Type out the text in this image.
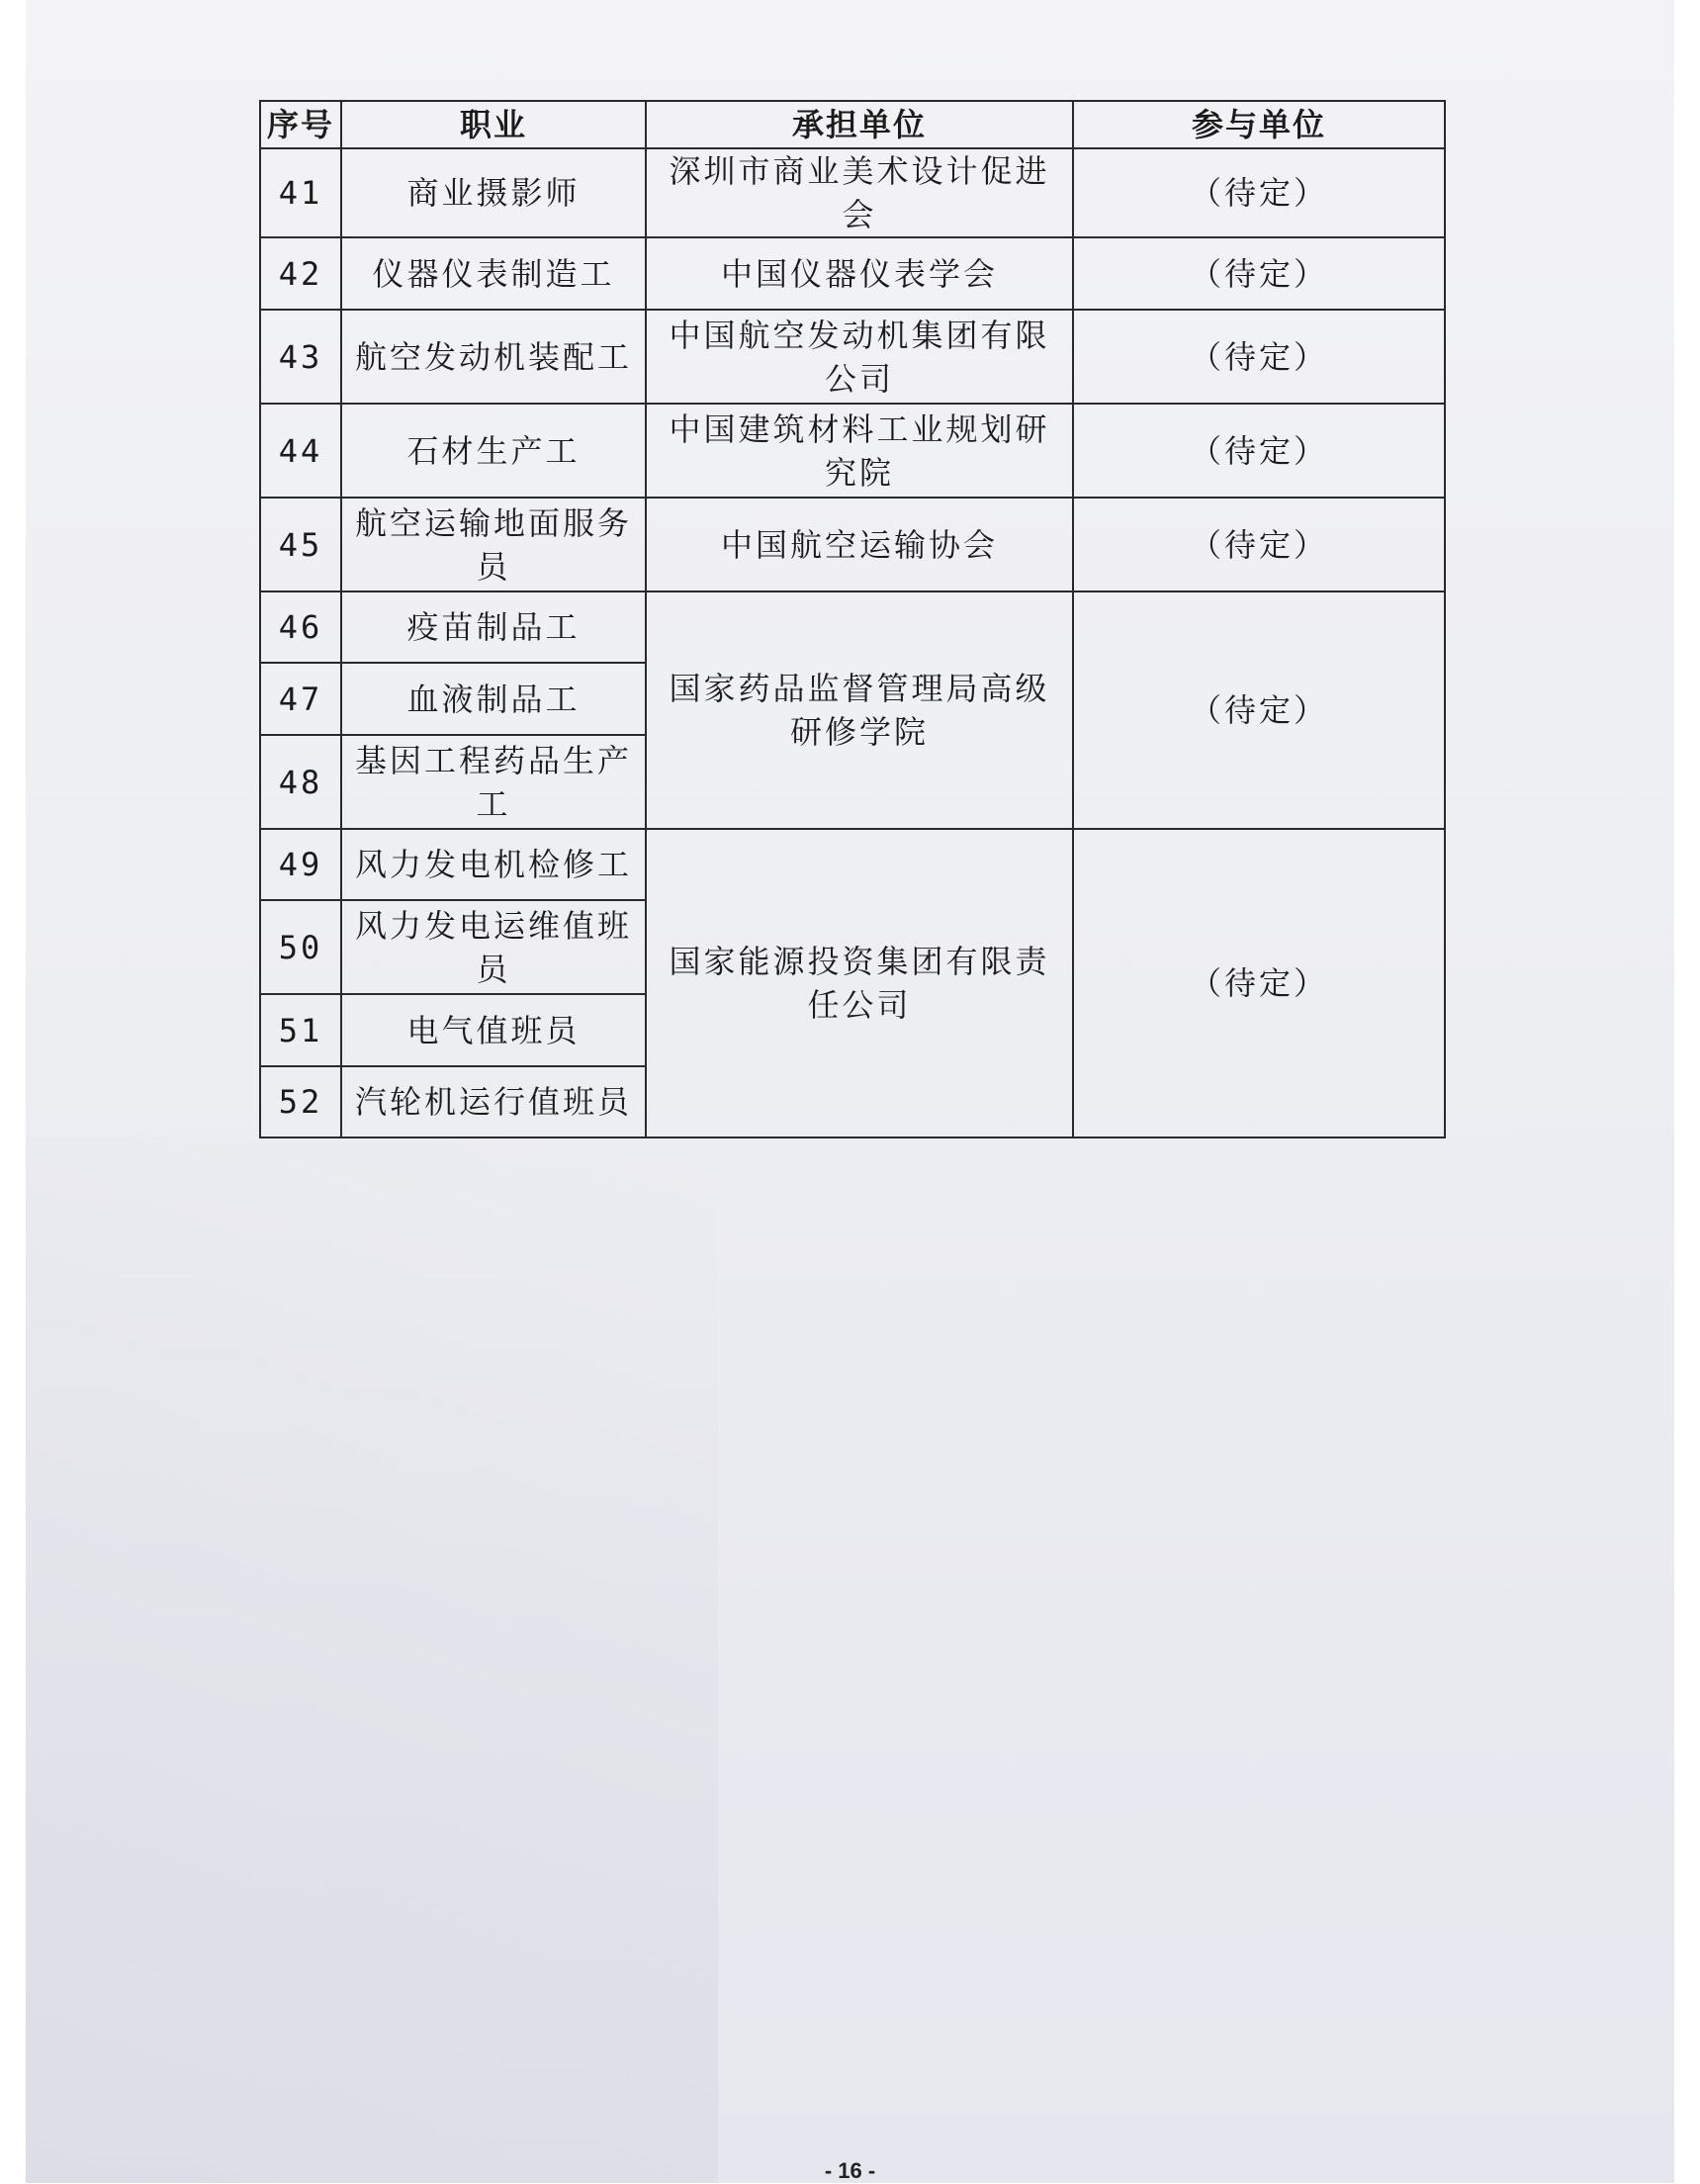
序号	职业	承担单位	参与单位
41	商业摄影师	深圳市商业美术设计促进会	（待定）
42	仪器仪表制造工	中国仪器仪表学会	（待定）
43	航空发动机装配工	中国航空发动机集团有限公司	（待定）
44	石材生产工	中国建筑材料工业规划研究院	（待定）
45	航空运输地面服务员	中国航空运输协会	（待定）
46	疫苗制品工	国家药品监督管理局高级研修学院	（待定）
47	血液制品工		
48	基因工程药品生产工		
49	风力发电机检修工	国家能源投资集团有限责任公司	（待定）
50	风力发电运维值班员		
51	电气值班员		
52	汽轮机运行值班员		
- 16 -
